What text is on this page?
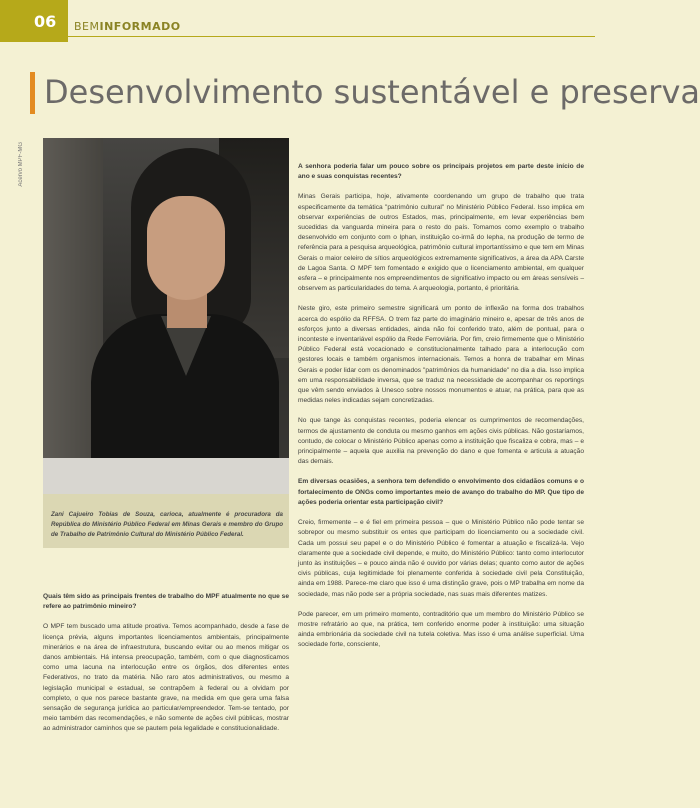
06	BEMINFORMADO
Desenvolvimento sustentável e preserva
Acervo MPF-MG
Zani Cajueiro Tobias de Souza, carioca, atualmente é procuradora da República do Ministério Público Federal em Minas Gerais e membro do Grupo de Trabalho de Patrimônio Cultural do Ministério Público Federal.

Quais têm sido as principais frentes de trabalho do MPF atualmente no que se refere ao patrimônio mineiro?

O MPF tem buscado uma atitude proativa. Temos acompanhado, desde a fase de licença prévia, alguns importantes licenciamentos ambientais, principalmente minerários e na área de infraestrutura, buscando evitar ou ao menos mitigar os danos ambientais. Há intensa preocupação, também, com o que diagnosticamos como uma lacuna na interlocução entre os órgãos, dos diferentes entes Federativos, no trato da matéria. Não raro atos administrativos, ou mesmo a legislação municipal e estadual, se contrapõem à federal ou a olvidam por completo, o que nos parece bastante grave, na medida em que gera uma falsa sensação de segurança jurídica ao particular/empreendedor. Tem-se tentado, por meio também das recomendações, e não somente de ações civil públicas, mostrar ao administrador caminhos que se pautem pela legalidade e constitucionalidade.

A senhora poderia falar um pouco sobre os principais projetos em parte deste início de ano e suas conquistas recentes?

Minas Gerais participa, hoje, ativamente coordenando um grupo de trabalho que trata especificamente da temática "patrimônio cultural" no Ministério Público Federal. Isso implica em observar experiências de outros Estados, mas, principalmente, em levar experiências bem sucedidas da vanguarda mineira para o resto do país. Tomamos como exemplo o trabalho desenvolvido em conjunto com o Iphan, instituição co-irmã do Iepha, na produção de termo de referência para a pesquisa arqueológica, patrimônio cultural importantíssimo e que tem em Minas Gerais o maior celeiro de sítios arqueológicos extremamente significativos, a área da APA Carste de Lagoa Santa. O MPF tem fomentado e exigido que o licenciamento ambiental, em qualquer esfera – e principalmente nos empreendimentos de significativo impacto ou em áreas sensíveis – observem as particularidades do tema. A arqueologia, portanto, é prioritária.

Neste giro, este primeiro semestre significará um ponto de inflexão na forma dos trabalhos acerca do espólio da RFFSA. O trem faz parte do imaginário mineiro e, apesar de três anos de esforços junto a diversas entidades, ainda não foi conferido trato, além de pontual, para o inconteste e inventariável espólio da Rede Ferroviária. Por fim, creio firmemente que o Ministério Público Federal está vocacionado e constitucionalmente talhado para a interlocução com gestores locais e também organismos internacionais. Temos a honra de trabalhar em Minas Gerais e poder lidar com os denominados "patrimônios da humanidade" no dia a dia. Isso implica em uma responsabilidade inversa, que se traduz na necessidade de acompanhar os reportings que vêm sendo enviados à Unesco sobre nossos monumentos e atuar, na prática, para que as medidas neles indicadas sejam concretizadas.

No que tange às conquistas recentes, poderia elencar os cumprimentos de recomendações, termos de ajustamento de conduta ou mesmo ganhos em ações civis públicas. Não gostaríamos, contudo, de colocar o Ministério Público apenas como a instituição que fiscaliza e cobra, mas – e principalmente – aquela que auxilia na prevenção do dano e que fomenta e articula a atuação das demais.

Em diversas ocasiões, a senhora tem defendido o envolvimento dos cidadãos comuns e o fortalecimento de ONGs como importantes meio de avanço do trabalho do MP. Que tipo de ações poderia orientar esta participação civil?

Creio, firmemente – e é fiel em primeira pessoa – que o Ministério Público não pode tentar se sobrepor ou mesmo substituir os entes que participam do licenciamento ou a sociedade civil. Cada um possui seu papel e o do Ministério Público é fomentar a atuação e fiscalizá-la. Vejo claramente que a sociedade civil depende, e muito, do Ministério Público: tanto como interlocutor junto às instituições – e pouco ainda não é ouvido por várias delas; quanto como autor de ações civis públicas, cuja legitimidade foi plenamente conferida à sociedade civil pela Constituição, ainda em 1988. Parece-me claro que isso é uma distinção grave, pois o MP trabalha em nome da sociedade, mas não pode ser a própria sociedade, nas suas mais diferentes matizes.

Pode parecer, em um primeiro momento, contraditório que um membro do Ministério Público se mostre refratário ao que, na prática, tem conferido enorme poder à instituição: uma situação ainda embrionária da sociedade civil na tutela coletiva. Mas isso é uma análise superficial. Uma sociedade forte, consciente,
